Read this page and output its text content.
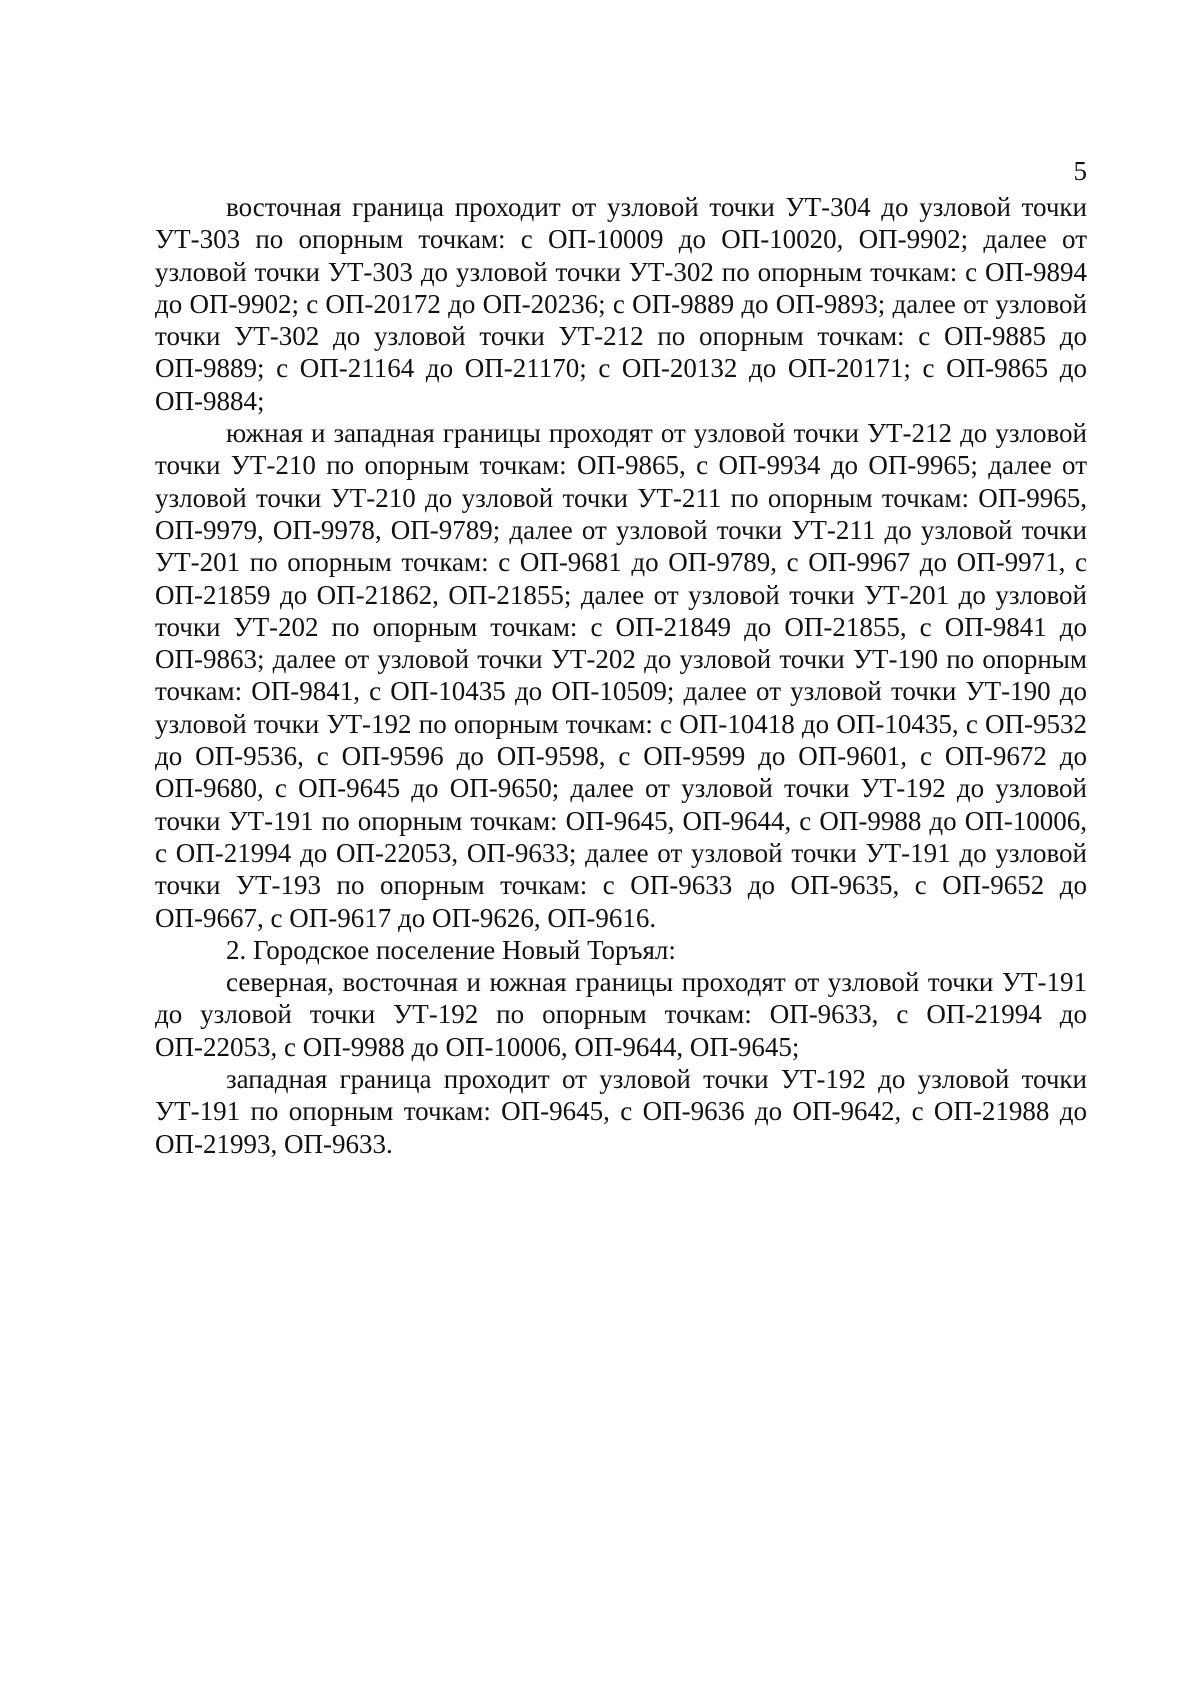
5

восточная граница проходит от узловой точки УТ-304 до узловой точки УТ-303 по опорным точкам: с ОП-10009 до ОП-10020, ОП-9902; далее от узловой точки УТ-303 до узловой точки УТ-302 по опорным точкам: с ОП-9894 до ОП-9902; с ОП-20172 до ОП-20236; с ОП-9889 до ОП-9893; далее от узловой точки УТ-302 до узловой точки УТ-212 по опорным точкам: с ОП-9885 до ОП-9889; с ОП-21164 до ОП-21170; с ОП-20132 до ОП-20171; с ОП-9865 до ОП-9884;

южная и западная границы проходят от узловой точки УТ-212 до узловой точки УТ-210 по опорным точкам: ОП-9865, с ОП-9934 до ОП-9965; далее от узловой точки УТ-210 до узловой точки УТ-211 по опорным точкам: ОП-9965, ОП-9979, ОП-9978, ОП-9789; далее от узловой точки УТ-211 до узловой точки УТ-201 по опорным точкам: с ОП-9681 до ОП-9789, с ОП-9967 до ОП-9971, с ОП-21859 до ОП-21862, ОП-21855; далее от узловой точки УТ-201 до узловой точки УТ-202 по опорным точкам: с ОП-21849 до ОП-21855, с ОП-9841 до ОП-9863; далее от узловой точки УТ-202 до узловой точки УТ-190 по опорным точкам: ОП-9841, с ОП-10435 до ОП-10509; далее от узловой точки УТ-190 до узловой точки УТ-192 по опорным точкам: с ОП-10418 до ОП-10435, с ОП-9532 до ОП-9536, с ОП-9596 до ОП-9598, с ОП-9599 до ОП-9601, с ОП-9672 до ОП-9680, с ОП-9645 до ОП-9650; далее от узловой точки УТ-192 до узловой точки УТ-191 по опорным точкам: ОП-9645, ОП-9644, с ОП-9988 до ОП-10006, с ОП-21994 до ОП-22053, ОП-9633; далее от узловой точки УТ-191 до узловой точки УТ-193 по опорным точкам: с ОП-9633 до ОП-9635, с ОП-9652 до ОП-9667, с ОП-9617 до ОП-9626, ОП-9616.

2. Городское поселение Новый Торъял:

северная, восточная и южная границы проходят от узловой точки УТ-191 до узловой точки УТ-192 по опорным точкам: ОП-9633, с ОП-21994 до ОП-22053, с ОП-9988 до ОП-10006, ОП-9644, ОП-9645;

западная граница проходит от узловой точки УТ-192 до узловой точки УТ-191 по опорным точкам: ОП-9645, с ОП-9636 до ОП-9642, с ОП-21988 до ОП-21993, ОП-9633.
